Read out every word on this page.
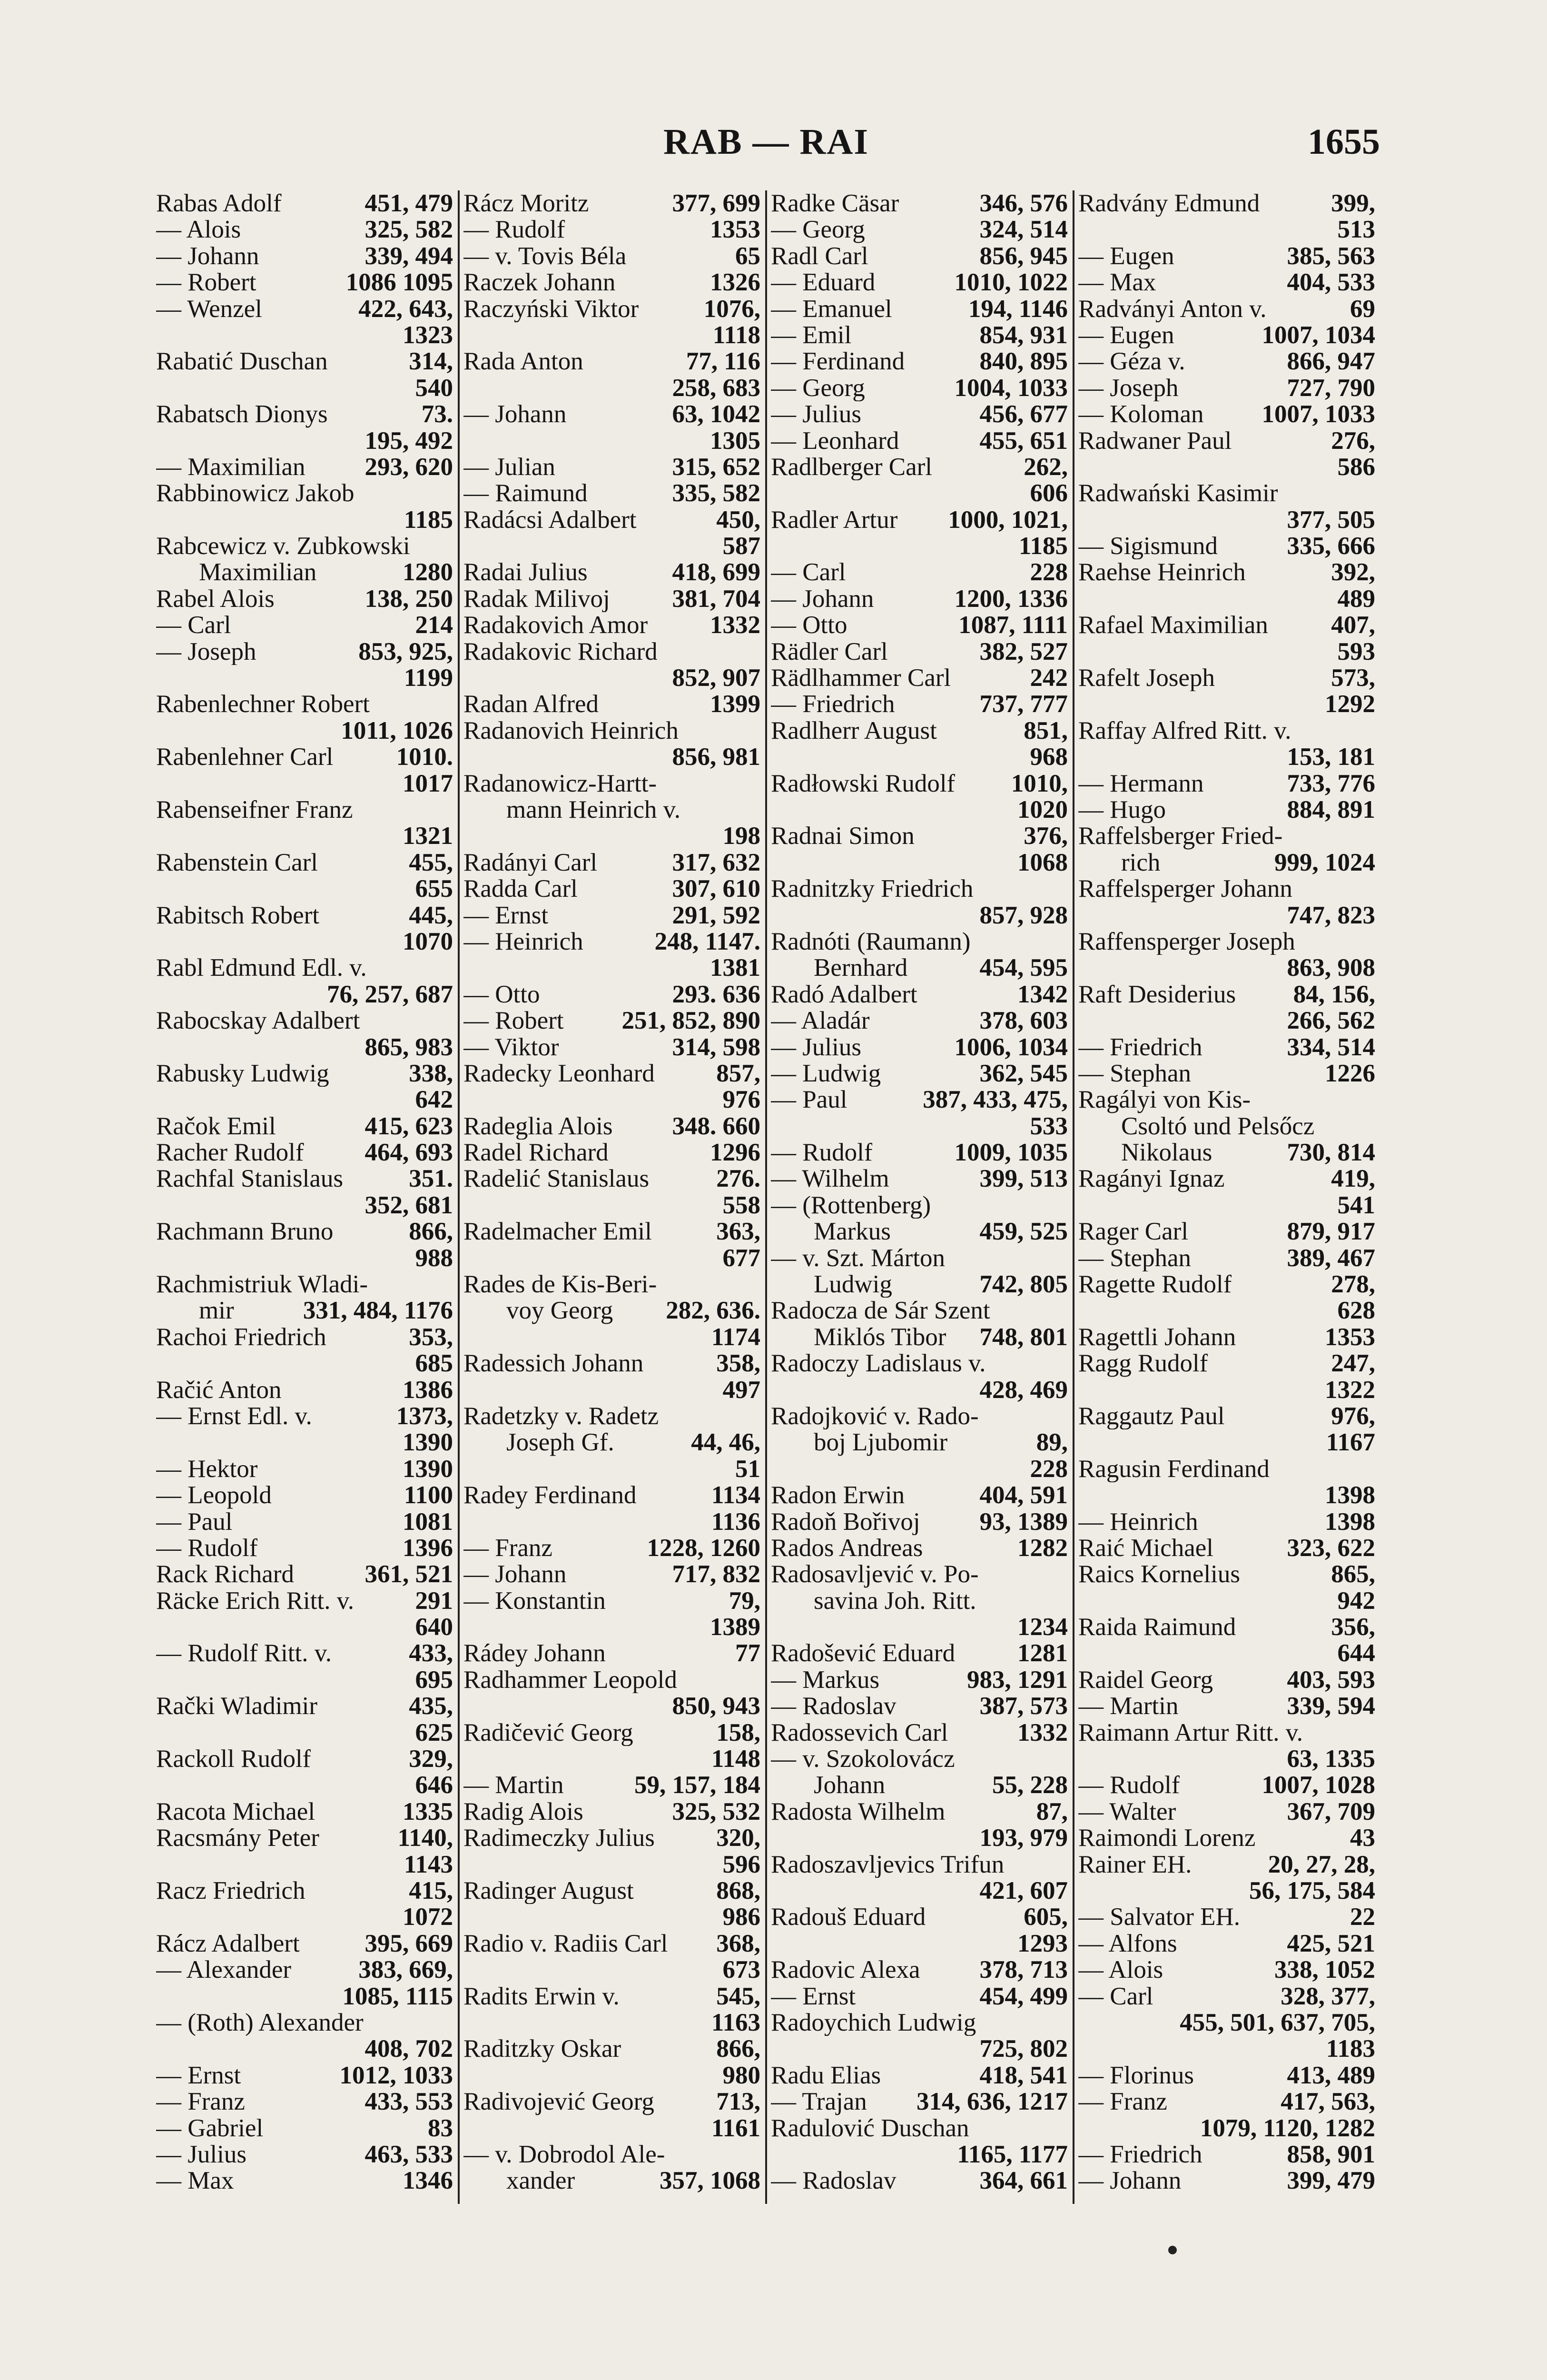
RAB — RAI	1655
Rabas Adolf	451, 479
— Alois	325, 582
— Johann	339, 494
— Robert	1086 1095
— Wenzel	422, 643,
1323
Rabatić Duschan	314,
540
Rabatsch Dionys	73.
195, 492
— Maximilian 293, 620
Rabbinowicz Jakob
1185
Rabcewicz v. Zubkowski
Maximilian	1280
Rabel Alois	138, 250
— Carl	214
— Joseph	853, 925,
1199
Rabenlechner Robert
1011, 1026
Rabenlehner Carl 1010.
1017
Rabenseifner Franz
1321
Rabenstein Carl	455,
655
Rabitsch Robert	445,
1070
Rabl Edmund Edl. v.
76, 257, 687
Rabocskay Adalbert
865, 983
Rabusky Ludwig	338,
642
Račok Emil	415, 623
Racher Rudolf 464, 693
Rachfal Stanislaus	351.
352, 681
Rachmann Bruno	866,
988
Rachmistriuk Wladi-
mir	331, 484, 1176
Rachoi Friedrich	353,
685
Račić Anton	1386
— Ernst Edl. v.	1373,
1390
— Hektor	1390
— Leopold	1100
— Paul	1081
— Rudolf	1396
Rack Richard	361, 521
Räcke Erich Ritt. v. 291
640
— Rudolf Ritt. v.	433,
695
Rački Wladimir	435,
625
Rackoll Rudolf	329,
646
Racota Michael	1335
Racsmány Peter	1140,
1143
Racz Friedrich	415,
1072
Rácz Adalbert	395, 669
— Alexander	383, 669,
1085, 1115
— (Roth) Alexander
408, 702
— Ernst	1012, 1033
— Franz	433, 553
— Gabriel	83
— Julius	463, 533
— Max	1346
Rácz Moritz	377, 699
— Rudolf	1353
— v. Tovis Béla	65
Raczek Johann	1326
Raczyński Viktor	1076,
1118
Rada Anton	77, 116
258, 683
— Johann	63, 1042
1305
— Julian	315, 652
— Raimund	335, 582
Radácsi Adalbert	450,
587
Radai Julius	418, 699
Radak Milivoj 381, 704
Radakovich Amor 1332
Radakovic Richard
852, 907
Radan Alfred	1399
Radanovich Heinrich
856, 981
Radanowicz-Hartt-
mann Heinrich v.
198
Radányi Carl	317, 632
Radda Carl	307, 610
— Ernst	291, 592
— Heinrich	248, 1147.
1381
— Otto	293. 636
— Robert 251, 852, 890
— Viktor	314, 598
Radecky Leonhard 857,
976
Radeglia Alois 348. 660
Radel Richard	1296
Radelić Stanislaus	276.
558
Radelmacher Emil	363,
677
Rades de Kis-Beri-
voy Georg 282, 636.
1174
Radessich Johann	358,
497
Radetzky v. Radetz
Joseph Gf.	44, 46,
51
Radey Ferdinand	1134
1136
— Franz	1228, 1260
— Johann	717, 832
— Konstantin	79,
1389
Rádey Johann	77
Radhammer Leopold
850, 943
Radičević Georg	158,
1148
— Martin	59, 157, 184
Radig Alois	325, 532
Radimeczky Julius 320,
596
Radinger August	868,
986
Radio v. Radiis Carl 368,
673
Radits Erwin v.	545,
1163
Raditzky Oskar	866,
980
Radivojević Georg 713,
1161
— v. Dobrodol Ale-
xander	357, 1068
Radke Cäsar	346, 576
— Georg	324, 514
Radl Carl	856, 945
— Eduard	1010, 1022
— Emanuel	194, 1146
— Emil	854, 931
— Ferdinand	840, 895
— Georg	1004, 1033
— Julius	456, 677
— Leonhard	455, 651
Radlberger Carl	262,
606
Radler Artur 1000, 1021,
1185
— Carl	228
— Johann	1200, 1336
— Otto	1087, 1111
Rädler Carl	382, 527
Rädlhammer Carl	242
— Friedrich	737, 777
Radlherr August	851,
968
Radłowski Rudolf 1010,
1020
Radnai Simon	376,
1068
Radnitzky Friedrich
857, 928
Radnóti (Raumann)
Bernhard	454, 595
Radó Adalbert	1342
— Aladár	378, 603
— Julius	1006, 1034
— Ludwig	362, 545
— Paul	387, 433, 475,
533
— Rudolf	1009, 1035
— Wilhelm	399, 513
— (Rottenberg)
Markus	459, 525
— v. Szt. Márton
Ludwig	742, 805
Radocza de Sár Szent
Miklós Tibor 748, 801
Radoczy Ladislaus v.
428, 469
Radojković v. Rado-
boj Ljubomir	89,
228
Radon Erwin	404, 591
Radoň Bořivoj 93, 1389
Rados Andreas	1282
Radosavljević v. Po-
savina Joh. Ritt.
1234
Radošević Eduard 1281
— Markus	983, 1291
— Radoslav	387, 573
Radossevich Carl	1332
— v. Szokolovácz
Johann	55, 228
Radosta Wilhelm	87,
193, 979
Radoszavljevics Trifun
421, 607
Radouš Eduard	605,
1293
Radovic Alexa 378, 713
— Ernst	454, 499
Radoychich Ludwig
725, 802
Radu Elias	418, 541
— Trajan 314, 636, 1217
Radulović Duschan
1165, 1177
— Radoslav	364, 661
Radvány Edmund	399,
513
— Eugen	385, 563
— Max	404, 533
Radványi Anton v.	69
— Eugen	1007, 1034
— Géza v.	866, 947
— Joseph	727, 790
— Koloman 1007, 1033
Radwaner Paul	276,
586
Radwański Kasimir
377, 505
— Sigismund	335, 666
Raehse Heinrich	392,
489
Rafael Maximilian 407,
593
Rafelt Joseph	573,
1292
Raffay Alfred Ritt. v.
153, 181
— Hermann	733, 776
— Hugo	884, 891
Raffelsberger Fried-
rich	999, 1024
Raffelsperger Johann
747, 823
Raffensperger Joseph
863, 908
Raft Desiderius 84, 156,
266, 562
— Friedrich	334, 514
— Stephan	1226
Ragályi von Kis-
Csoltó und Pelsőcz
Nikolaus	730, 814
Ragányi Ignaz	419,
541
Rager Carl	879, 917
— Stephan	389, 467
Ragette Rudolf	278,
628
Ragettli Johann	1353
Ragg Rudolf	247,
1322
Raggautz Paul	976,
1167
Ragusin Ferdinand
1398
— Heinrich	1398
Raić Michael	323, 622
Raics Kornelius	865,
942
Raida Raimund	356,
644
Raidel Georg	403, 593
— Martin	339, 594
Raimann Artur Ritt. v.
63, 1335
— Rudolf	1007, 1028
— Walter	367, 709
Raimondi Lorenz	43
Rainer EH.	20, 27, 28,
56, 175, 584
— Salvator EH.	22
— Alfons	425, 521
— Alois	338, 1052
— Carl	328, 377,
455, 501, 637, 705,
1183
— Florinus	413, 489
— Franz	417, 563,
1079, 1120, 1282
— Friedrich	858, 901
— Johann	399, 479
